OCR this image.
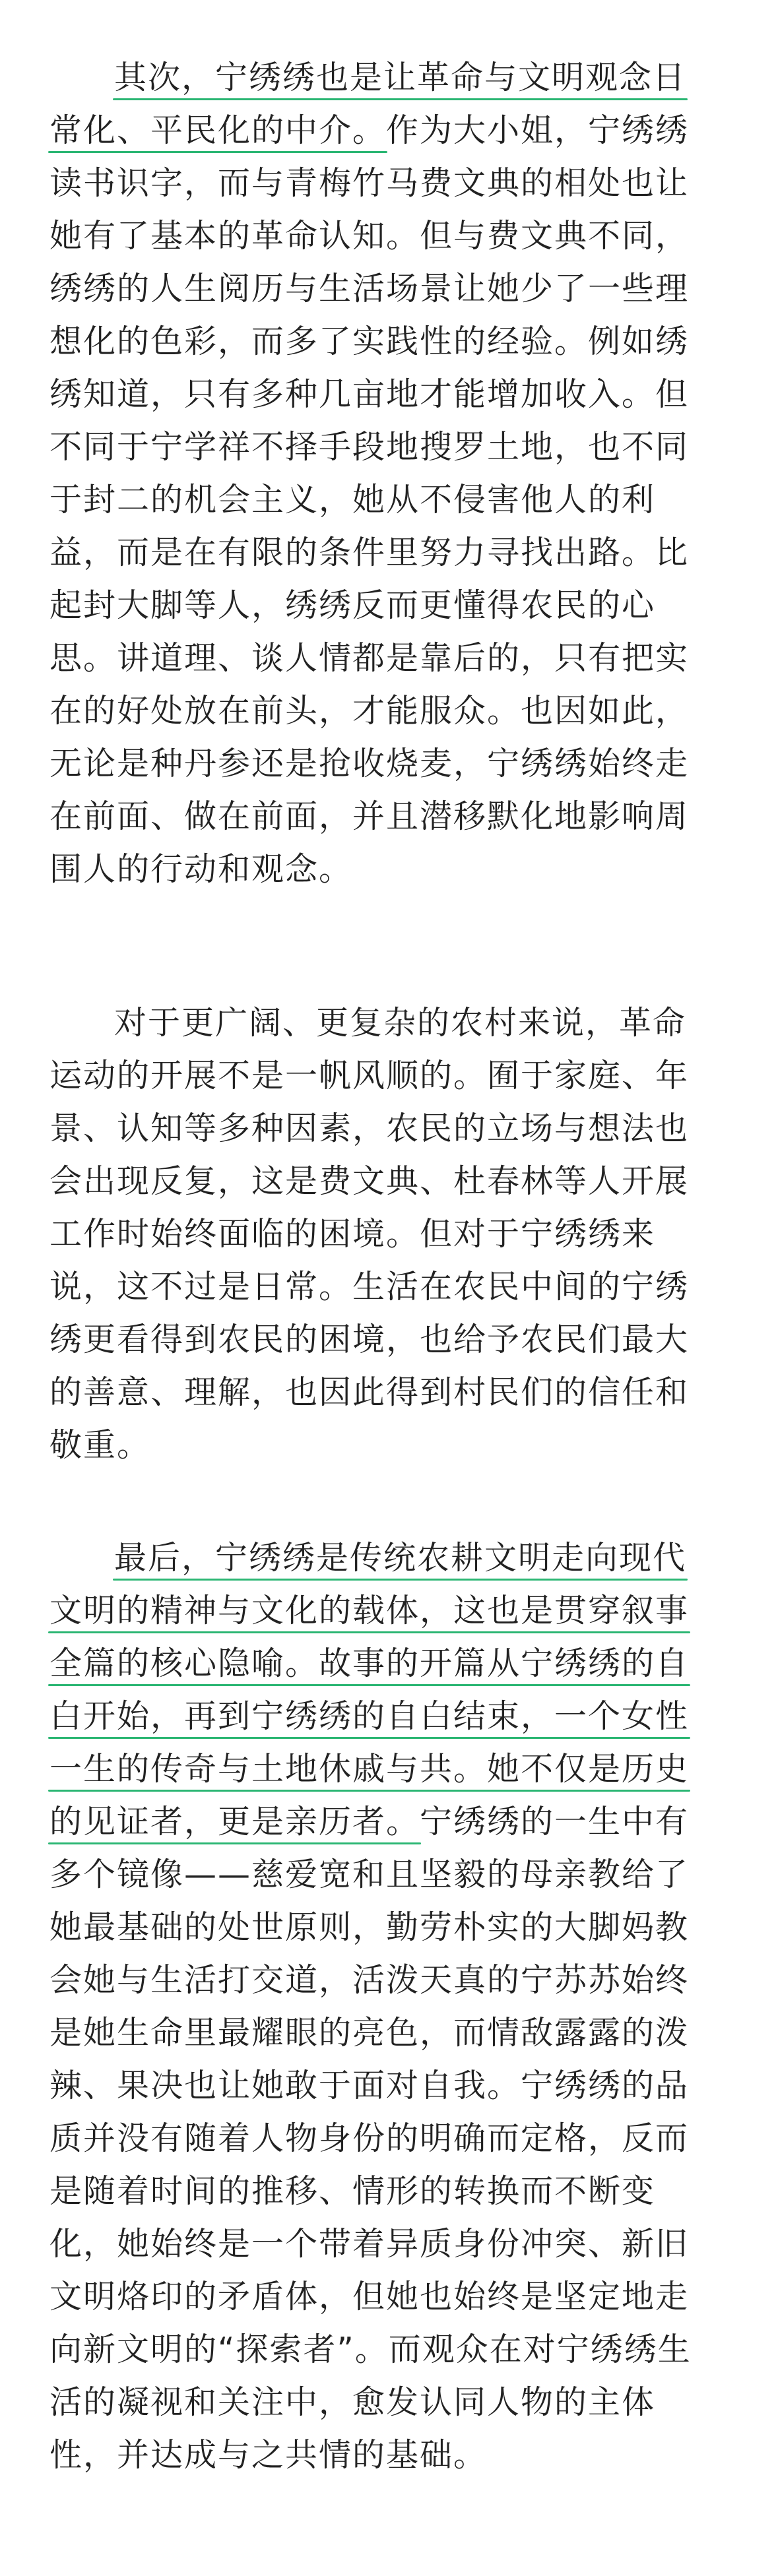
其次，宁绣绣也是让革命与文明观念日
常化、平民化的中介。作为大小姐，宁绣绣
读书识字，而与青梅竹马费文典的相处也让
她有了基本的革命认知。但与费文典不同，
绣绣的人生阅历与生活场景让她少了一些理
想化的色彩，而多了实践性的经验。例如绣
绣知道，只有多种几亩地才能增加收入。但
不同于宁学祥不择手段地搜罗土地，也不同
于封二的机会主义，她从不侵害他人的利
益，而是在有限的条件里努力寻找出路。比
起封大脚等人，绣绣反而更懂得农民的心
思。讲道理、谈人情都是靠后的，只有把实
在的好处放在前头，才能服众。也因如此，
无论是种丹参还是抢收烧麦，宁绣绣始终走
在前面、做在前面，并且潜移默化地影响周
围人的行动和观念。
对于更广阔、更复杂的农村来说，革命
运动的开展不是一帆风顺的。囿于家庭、年
景、认知等多种因素，农民的立场与想法也
会出现反复，这是费文典、杜春林等人开展
工作时始终面临的困境。但对于宁绣绣来
说，这不过是日常。生活在农民中间的宁绣
绣更看得到农民的困境，也给予农民们最大
的善意、理解，也因此得到村民们的信任和
敬重。
最后，宁绣绣是传统农耕文明走向现代
文明的精神与文化的载体，这也是贯穿叙事
全篇的核心隐喻。故事的开篇从宁绣绣的自
白开始，再到宁绣绣的自白结束，一个女性
一生的传奇与土地休戚与共。她不仅是历史
的见证者，更是亲历者。宁绣绣的一生中有
多个镜像——慈爱宽和且坚毅的母亲教给了
她最基础的处世原则，勤劳朴实的大脚妈教
会她与生活打交道，活泼天真的宁苏苏始终
是她生命里最耀眼的亮色，而情敌露露的泼
辣、果决也让她敢于面对自我。宁绣绣的品
质并没有随着人物身份的明确而定格，反而
是随着时间的推移、情形的转换而不断变
化，她始终是一个带着异质身份冲突、新旧
文明烙印的矛盾体，但她也始终是坚定地走
向新文明的“探索者”。而观众在对宁绣绣生
活的凝视和关注中，愈发认同人物的主体
性，并达成与之共情的基础。
